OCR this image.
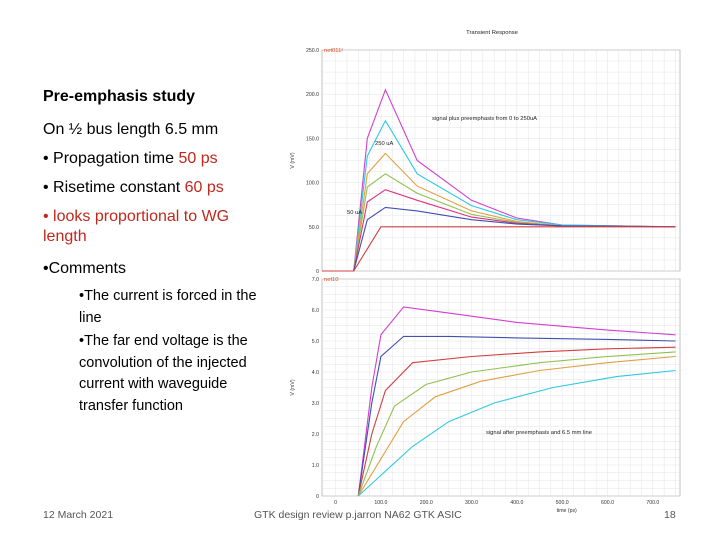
Pre-emphasis study
On ½ bus length 6.5 mm
• Propagation time 50 ps
• Risetime constant 60 ps
• looks proportional to WG length
•Comments
•The current is forced in the line
•The far end voltage is the convolution of the injected current with waveguide transfer function
250.0
200.0
150.0
100.0
50.0
0
V (mV)
net011!
Transient Response
signal plus preemphasis from 0 to 250uA
250 uA
50 uA
7.0
6.0
5.0
4.0
3.0
2.0
1.0
0
V (mV)
0	100.0	200.0	300.0	400.0	500.0	600.0	700.0
time (ps)
net10
signal after preemphasis and 6.5 mm line
12 March 2021	GTK design review p.jarron NA62 GTK ASIC	18
